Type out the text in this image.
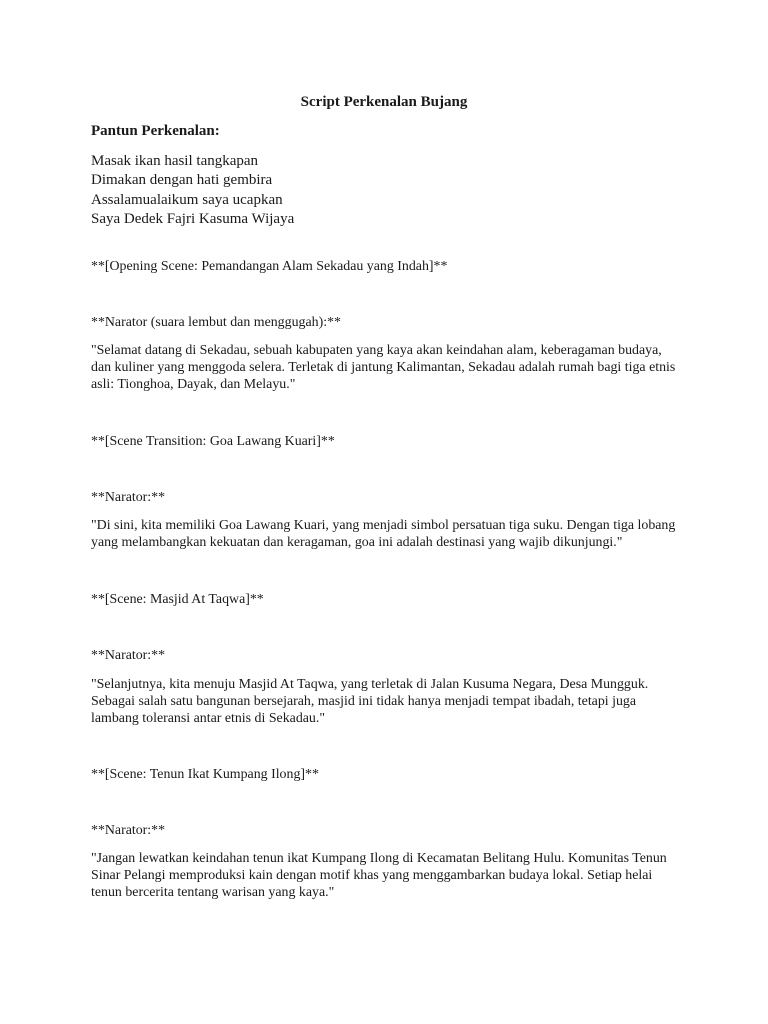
Script Perkenalan Bujang
Pantun Perkenalan:
Masak ikan hasil tangkapan
Dimakan dengan hati gembira
Assalamualaikum saya ucapkan
Saya Dedek Fajri Kasuma Wijaya
**[Opening Scene: Pemandangan Alam Sekadau yang Indah]**
**Narator (suara lembut dan menggugah):**
"Selamat datang di Sekadau, sebuah kabupaten yang kaya akan keindahan alam, keberagaman budaya,
dan kuliner yang menggoda selera. Terletak di jantung Kalimantan, Sekadau adalah rumah bagi tiga etnis
asli: Tionghoa, Dayak, dan Melayu."
**[Scene Transition: Goa Lawang Kuari]**
**Narator:**
"Di sini, kita memiliki Goa Lawang Kuari, yang menjadi simbol persatuan tiga suku. Dengan tiga lobang
yang melambangkan kekuatan dan keragaman, goa ini adalah destinasi yang wajib dikunjungi."
**[Scene: Masjid At Taqwa]**
**Narator:**
"Selanjutnya, kita menuju Masjid At Taqwa, yang terletak di Jalan Kusuma Negara, Desa Mungguk.
Sebagai salah satu bangunan bersejarah, masjid ini tidak hanya menjadi tempat ibadah, tetapi juga
lambang toleransi antar etnis di Sekadau."
**[Scene: Tenun Ikat Kumpang Ilong]**
**Narator:**
"Jangan lewatkan keindahan tenun ikat Kumpang Ilong di Kecamatan Belitang Hulu. Komunitas Tenun
Sinar Pelangi memproduksi kain dengan motif khas yang menggambarkan budaya lokal. Setiap helai
tenun bercerita tentang warisan yang kaya."
